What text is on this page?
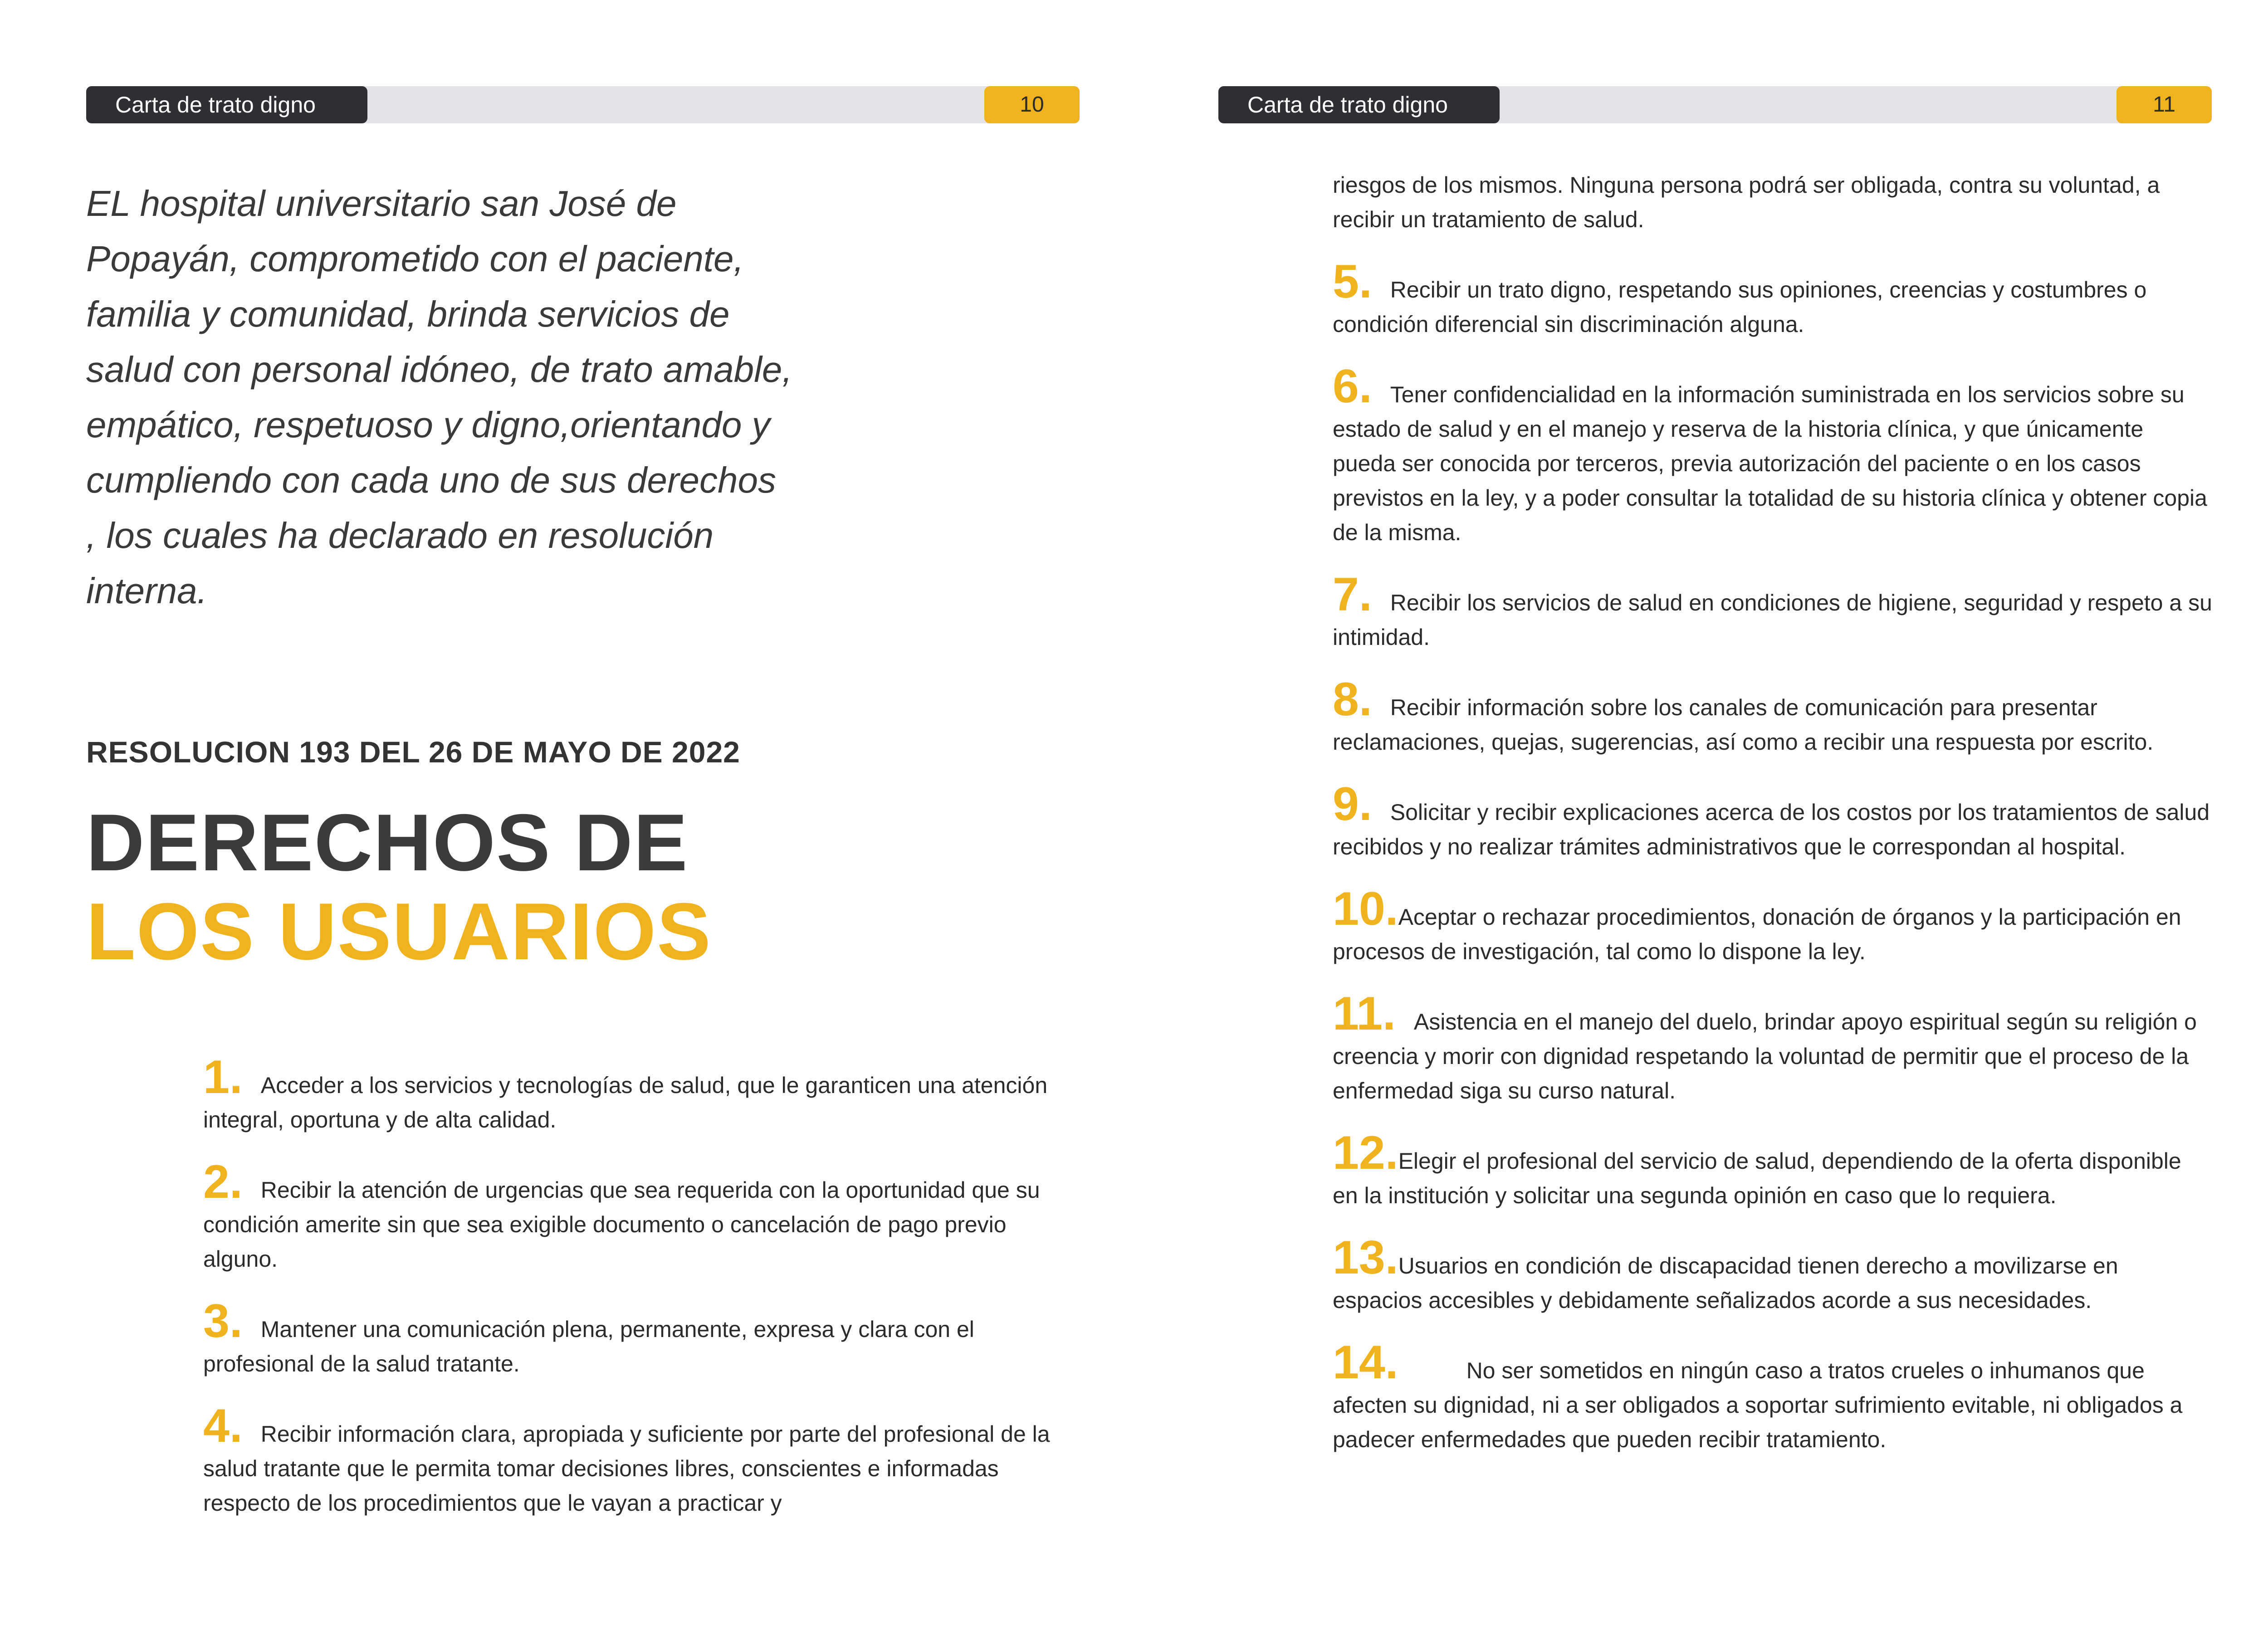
Carta de trato digno	10	Carta de trato digno	11

EL hospital universitario san José de Popayán, comprometido con el paciente, familia y comunidad, brinda servicios de salud con personal idóneo, de trato amable, empático, respetuoso y digno,orientando y cumpliendo con cada uno de sus derechos , los cuales ha declarado en resolución interna.

RESOLUCION 193 DEL 26 DE MAYO DE 2022
DERECHOS DE
LOS USUARIOS
1. Acceder a los servicios y tecnologías de salud, que le garanticen una atención integral, oportuna y de alta calidad.
2. Recibir la atención de urgencias que sea requerida con la oportunidad que su condición amerite sin que sea exigible documento o cancelación de pago previo alguno.
3. Mantener una comunicación plena, permanente, expresa y clara con el profesional de la salud tratante.
4. Recibir información clara, apropiada y suficiente por parte del profesional de la salud tratante que le permita tomar decisiones libres, conscientes e informadas respecto de los procedimientos que le vayan a practicar y
riesgos de los mismos. Ninguna persona podrá ser obligada, contra su voluntad, a recibir un tratamiento de salud.
5. Recibir un trato digno, respetando sus opiniones, creencias y costumbres o condición diferencial sin discriminación alguna.
6. Tener confidencialidad en la información suministrada en los servicios sobre su estado de salud y en el manejo y reserva de la historia clínica, y que únicamente pueda ser conocida por terceros, previa autorización del paciente o en los casos previstos en la ley, y a poder consultar la totalidad de su historia clínica y obtener copia de la misma.
7. Recibir los servicios de salud en condiciones de higiene, seguridad y respeto a su intimidad.
8. Recibir información sobre los canales de comunicación para presentar reclamaciones, quejas, sugerencias, así como a recibir una respuesta por escrito.
9. Solicitar y recibir explicaciones acerca de los costos por los tratamientos de salud recibidos y no realizar trámites administrativos que le correspondan al hospital.
10.Aceptar o rechazar procedimientos, donación de órganos y la participación en procesos de investigación, tal como lo dispone la ley.
11. Asistencia en el manejo del duelo, brindar apoyo espiritual según su religión o creencia y morir con dignidad respetando la voluntad de permitir que el proceso de la enfermedad siga su curso natural.
12.Elegir el profesional del servicio de salud, dependiendo de la oferta disponible en la institución y solicitar una segunda opinión en caso que lo requiera.
13.Usuarios en condición de discapacidad tienen derecho a movilizarse en espacios accesibles y debidamente señalizados acorde a sus necesidades.
14.	No ser sometidos en ningún caso a tratos crueles o inhumanos que afecten su dignidad, ni a ser obligados a soportar sufrimiento evitable, ni obligados a padecer enfermedades que pueden recibir tratamiento.
